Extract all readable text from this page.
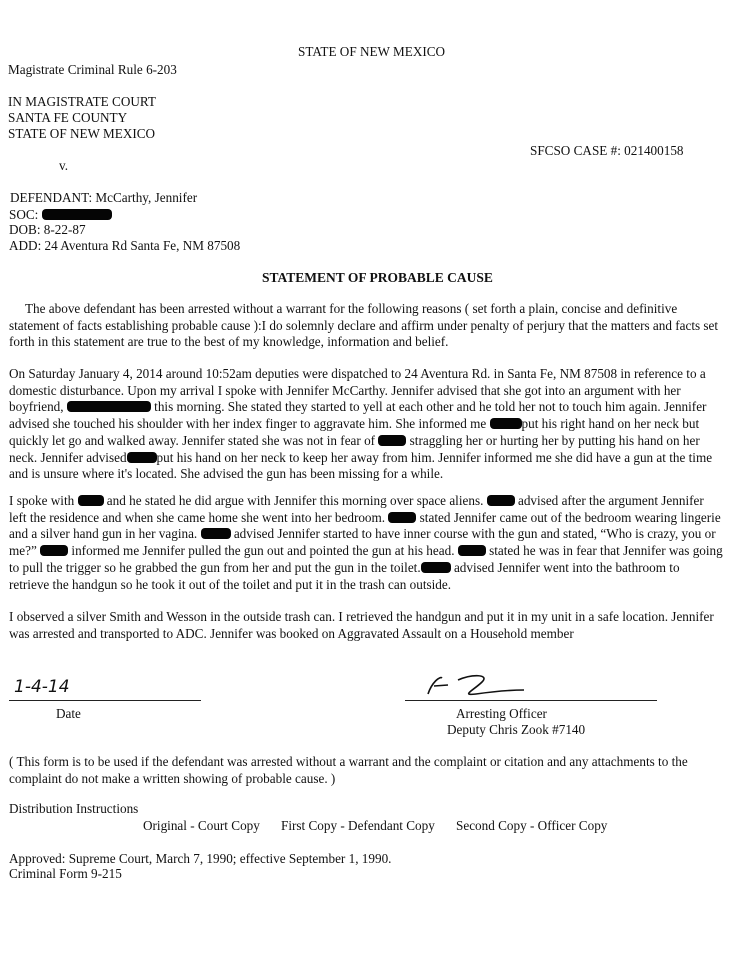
STATE OF NEW MEXICO
Magistrate Criminal Rule 6-203
IN MAGISTRATE COURT
SANTA FE COUNTY
STATE OF NEW MEXICO
SFCSO CASE #: 021400158
v.
DEFENDANT: McCarthy, Jennifer
SOC:
DOB: 8-22-87
ADD: 24 Aventura Rd Santa Fe, NM 87508
STATEMENT OF PROBABLE CAUSE
The above defendant has been arrested without a warrant for the following reasons ( set forth a plain, concise and definitive
statement of facts establishing probable cause ):I do solemnly declare and affirm under penalty of perjury that the matters and facts set
forth in this statement are true to the best of my knowledge, information and belief.
On Saturday January 4, 2014 around 10:52am deputies were dispatched to 24 Aventura Rd. in Santa Fe, NM 87508 in reference to a
domestic disturbance. Upon my arrival I spoke with Jennifer McCarthy. Jennifer advised that she got into an argument with her
boyfriend,	this morning. She stated they started to yell at each other and he told her not to touch him again. Jennifer
advised she touched his shoulder with her index finger to aggravate him. She informed me	put his right hand on her neck but
quickly let go and walked away. Jennifer stated she was not in fear of	straggling her or hurting her by putting his hand on her
neck. Jennifer advised put his hand on her neck to keep her away from him. Jennifer informed me she did have a gun at the time
and is unsure where it's located. She advised the gun has been missing for a while.
I spoke with and he stated he did argue with Jennifer this morning over space aliens.	advised after the argument Jennifer
left the residence and when she came home she went into her bedroom.	stated Jennifer came out of the bedroom wearing lingerie
and a silver hand gun in her vagina.	advised Jennifer started to have inner course with the gun and stated, “Who is crazy, you or
me?”	informed me Jennifer pulled the gun out and pointed the gun at his head.	stated he was in fear that Jennifer was going
to pull the trigger so he grabbed the gun from her and put the gun in the toilet.	advised Jennifer went into the bathroom to
retrieve the handgun so he took it out of the toilet and put it in the trash can outside.
I observed a silver Smith and Wesson in the outside trash can. I retrieved the handgun and put it in my unit in a safe location. Jennifer
was arrested and transported to ADC. Jennifer was booked on Aggravated Assault on a Household member
1-4-14
Date	Arresting Officer
Deputy Chris Zook #7140
( This form is to be used if the defendant was arrested without a warrant and the complaint or citation and any attachments to the
complaint do not make a written showing of probable cause. )
Distribution Instructions
Original - Court Copy First Copy - Defendant Copy Second Copy - Officer Copy
Approved: Supreme Court, March 7, 1990; effective September 1, 1990.
Criminal Form 9-215
